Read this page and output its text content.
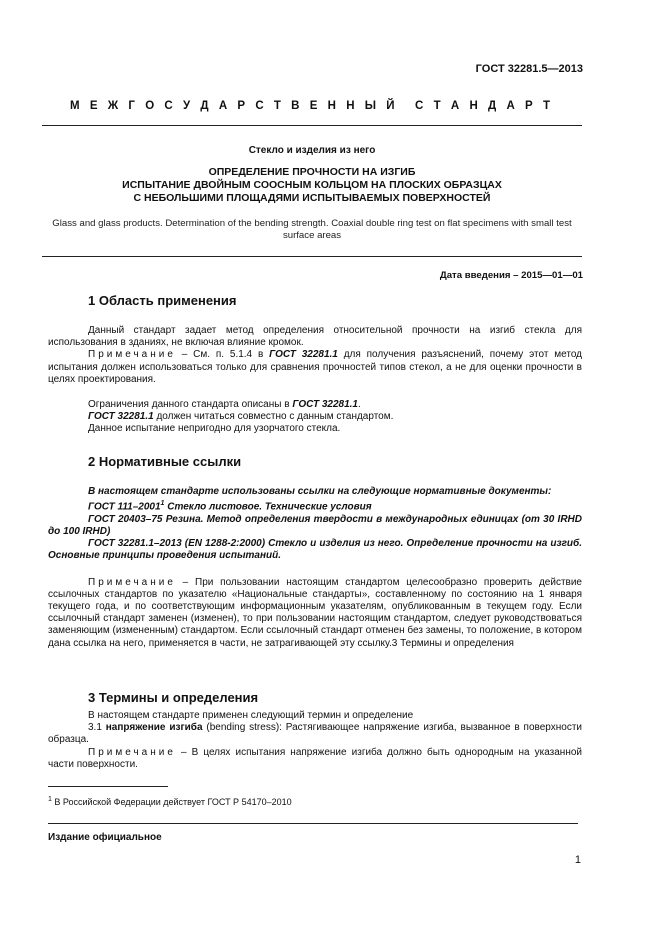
ГОСТ 32281.5—2013
М Е Ж Г О С У Д А Р С Т В Е Н Н Ы Й С Т А Н Д А Р Т
Стекло и изделия из него
ОПРЕДЕЛЕНИЕ ПРОЧНОСТИ НА ИЗГИБ
ИСПЫТАНИЕ ДВОЙНЫМ СООСНЫМ КОЛЬЦОМ НА ПЛОСКИХ ОБРАЗЦАХ
С НЕБОЛЬШИМИ ПЛОЩАДЯМИ ИСПЫТЫВАЕМЫХ ПОВЕРХНОСТЕЙ
Glass and glass products. Determination of the bending strength. Coaxial double ring test on flat specimens with small test surface areas
Дата введения – 2015—01—01
1 Область применения

Данный стандарт задает метод определения относительной прочности на изгиб стекла для использования в зданиях, не включая влияние кромок.

Примечание – См. п. 5.1.4 в ГОСТ 32281.1 для получения разъяснений, почему этот метод испытания должен использоваться только для сравнения прочностей типов стекол, а не для оценки прочности в целях проектирования.

Ограничения данного стандарта описаны в ГОСТ 32281.1.

ГОСТ 32281.1 должен читаться совместно с данным стандартом.

Данное испытание непригодно для узорчатого стекла.

2 Нормативные ссылки

В настоящем стандарте использованы ссылки на следующие нормативные документы:

ГОСТ 111–2001$^1$ Стекло листовое. Технические условия

ГОСТ 20403–75 Резина. Метод определения твердости в международных единицах (от 30 IRHD до 100 IRHD)

ГОСТ 32281.1–2013 (EN 1288-2:2000) Стекло и изделия из него. Определение прочности на изгиб. Основные принципы проведения испытаний.

Примечание – При пользовании настоящим стандартом целесообразно проверить действие ссылочных стандартов по указателю «Национальные стандарты», составленному по состоянию на 1 января текущего года, и по соответствующим информационным указателям, опубликованным в текущем году. Если ссылочный стандарт заменен (изменен), то при пользовании настоящим стандартом, следует руководствоваться заменяющим (измененным) стандартом. Если ссылочный стандарт отменен без замены, то положение, в котором дана ссылка на него, применяется в части, не затрагивающей эту ссылку.3 Термины и определения

3 Термины и определения

В настоящем стандарте применен следующий термин и определение

3.1 напряжение изгиба (bending stress): Растягивающее напряжение изгиба, вызванное в поверхности образца.

Примечание – В целях испытания напряжение изгиба должно быть однородным на указанной части поверхности.

$^1$ В Российской Федерации действует ГОСТ Р 54170–2010
Издание официальное
1
